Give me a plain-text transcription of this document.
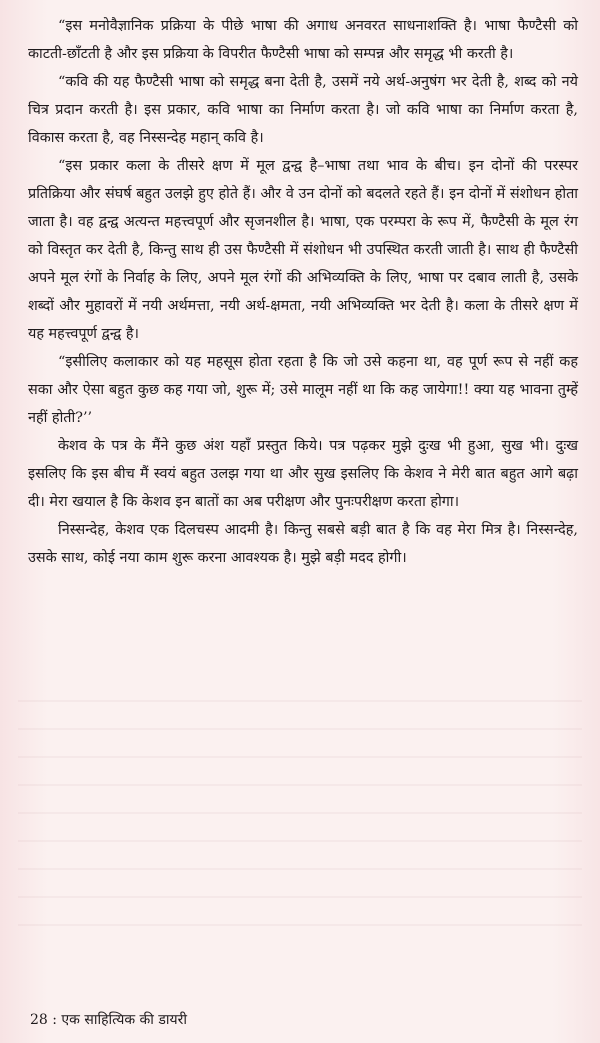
“इस मनोवैज्ञानिक प्रक्रिया के पीछे भाषा की अगाध अनवरत साधनाशक्ति है। भाषा फैण्टैसी को काटती-छाँटती है और इस प्रक्रिया के विपरीत फैण्टैसी भाषा को सम्पन्न और समृद्ध भी करती है।

“कवि की यह फैण्टैसी भाषा को समृद्ध बना देती है, उसमें नये अर्थ-अनुषंग भर देती है, शब्द को नये चित्र प्रदान करती है। इस प्रकार, कवि भाषा का निर्माण करता है। जो कवि भाषा का निर्माण करता है, विकास करता है, वह निस्सन्देह महान् कवि है।

“इस प्रकार कला के तीसरे क्षण में मूल द्वन्द्व है–भाषा तथा भाव के बीच। इन दोनों की परस्पर प्रतिक्रिया और संघर्ष बहुत उलझे हुए होते हैं। और वे उन दोनों को बदलते रहते हैं। इन दोनों में संशोधन होता जाता है। वह द्वन्द्व अत्यन्त महत्त्वपूर्ण और सृजनशील है। भाषा, एक परम्परा के रूप में, फैण्टैसी के मूल रंग को विस्तृत कर देती है, किन्तु साथ ही उस फैण्टैसी में संशोधन भी उपस्थित करती जाती है। साथ ही फैण्टैसी अपने मूल रंगों के निर्वाह के लिए, अपने मूल रंगों की अभिव्यक्ति के लिए, भाषा पर दबाव लाती है, उसके शब्दों और मुहावरों में नयी अर्थमत्ता, नयी अर्थ-क्षमता, नयी अभिव्यक्ति भर देती है। कला के तीसरे क्षण में यह महत्त्वपूर्ण द्वन्द्व है।

“इसीलिए कलाकार को यह महसूस होता रहता है कि जो उसे कहना था, वह पूर्ण रूप से नहीं कह सका और ऐसा बहुत कुछ कह गया जो, शुरू में; उसे मालूम नहीं था कि कह जायेगा!! क्या यह भावना तुम्हें नहीं होती?’’

केशव के पत्र के मैंने कुछ अंश यहाँ प्रस्तुत किये। पत्र पढ़कर मुझे दुःख भी हुआ, सुख भी। दुःख इसलिए कि इस बीच मैं स्वयं बहुत उलझ गया था और सुख इसलिए कि केशव ने मेरी बात बहुत आगे बढ़ा दी। मेरा खयाल है कि केशव इन बातों का अब परीक्षण और पुनःपरीक्षण करता होगा।

निस्सन्देह, केशव एक दिलचस्प आदमी है। किन्तु सबसे बड़ी बात है कि वह मेरा मित्र है। निस्सन्देह, उसके साथ, कोई नया काम शुरू करना आवश्यक है। मुझे बड़ी मदद होगी।

28 : एक साहित्यिक की डायरी
